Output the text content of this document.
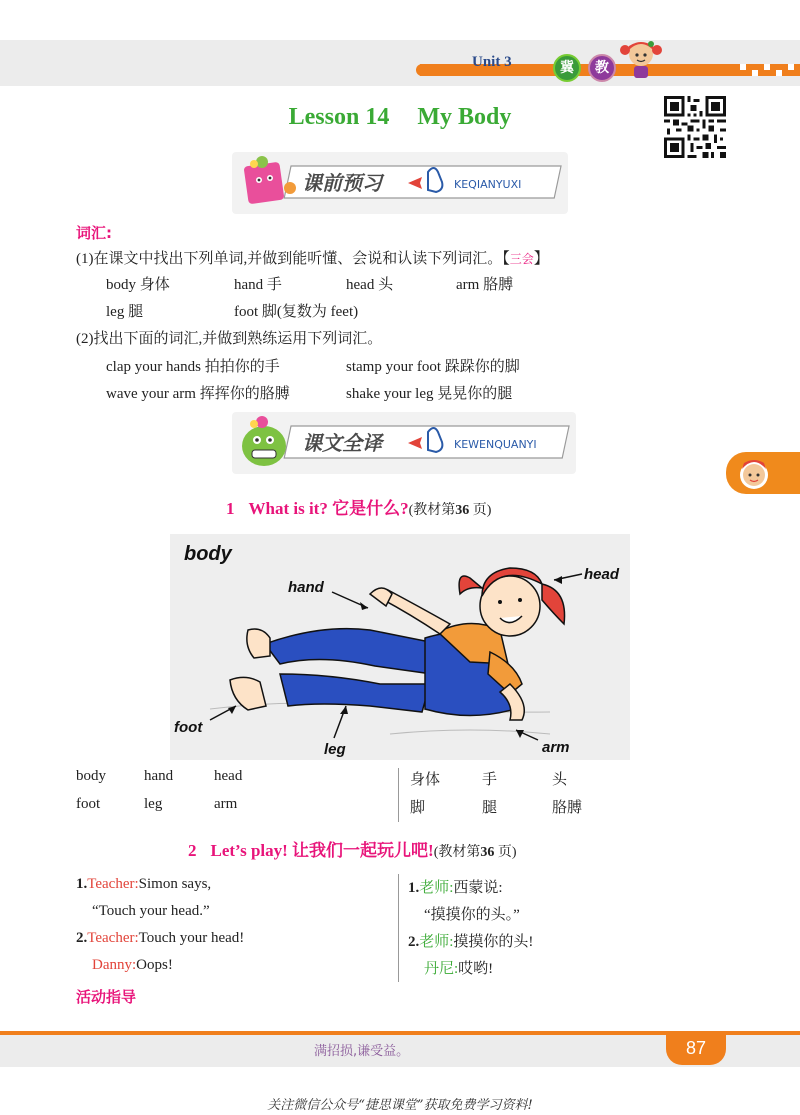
Unit 3	冀	教
Lesson 14 My Body
课前预习	KEQIANYUXI
词汇:
(1)在课文中找出下列单词,并做到能听懂、会说和认读下列词汇。【三会】
body 身体	hand 手	head 头	arm 胳膊
leg 腿	foot 脚(复数为 feet)
(2)找出下面的词汇,并做到熟练运用下列词汇。
clap your hands 拍拍你的手	stamp your foot 跺跺你的脚
wave your arm 挥挥你的胳膊	shake your leg 晃晃你的腿
课文全译	KEWENQUANYI
1 What is it? 它是什么?(教材第36 页)
body
hand
head
foot
leg	arm
body	hand	head
foot	leg	arm
身体	手	头
脚	腿	胳膊
2 Let’s play! 让我们一起玩儿吧!(教材第36 页)
1.Teacher:Simon says,
“Touch your head.”
2.Teacher:Touch your head!
Danny:Oops!
1.老师:西蒙说:
“摸摸你的头。”
2.老师:摸摸你的头!
丹尼:哎哟!
活动指导
满招损,谦受益。	87
关注微信公众号“捷思课堂”获取免费学习资料!
